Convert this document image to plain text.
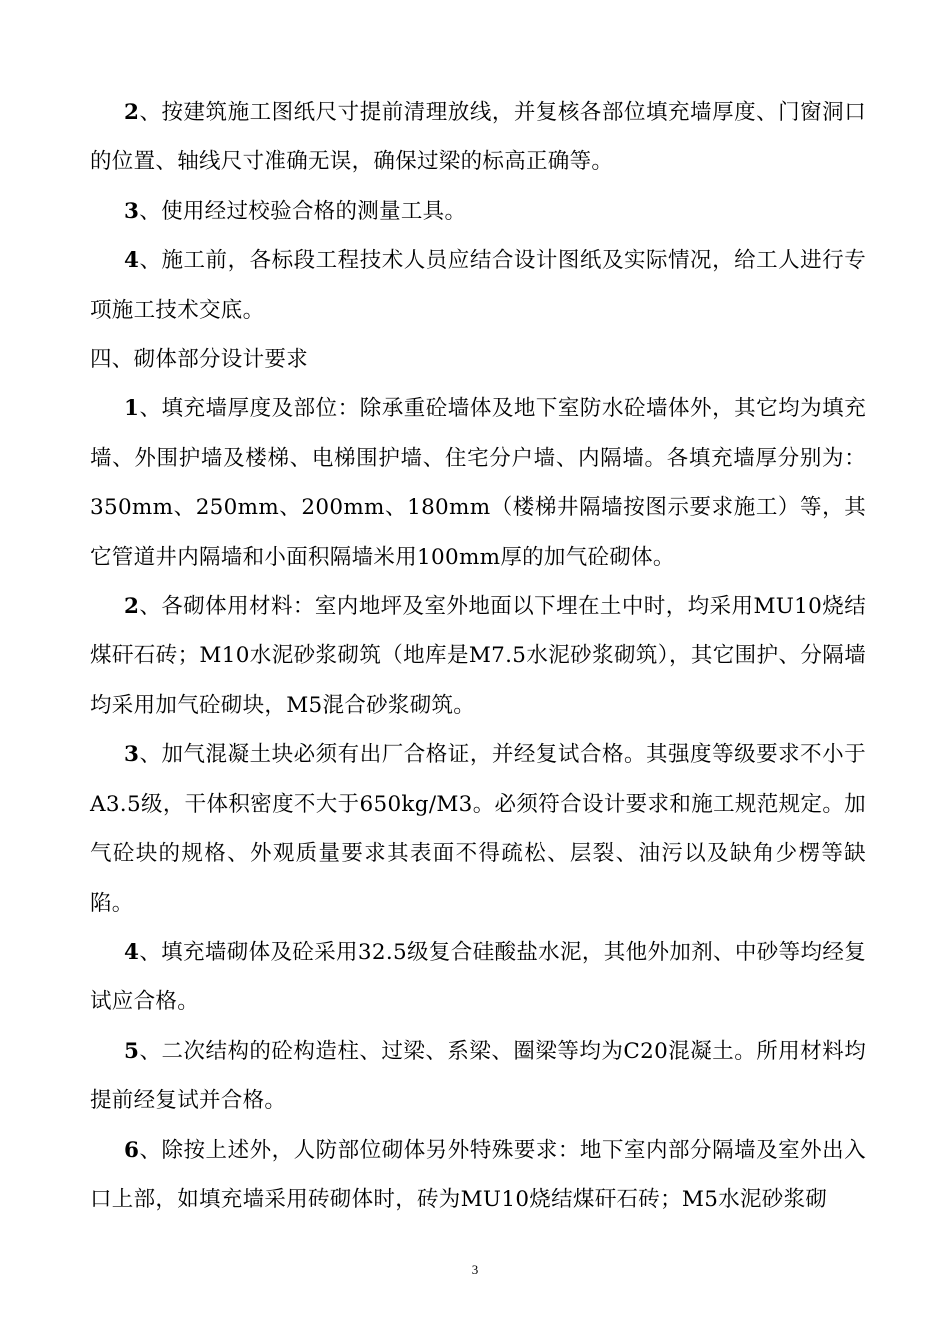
2、按建筑施工图纸尺寸提前清理放线，并复核各部位填充墙厚度、门窗洞口的位置、轴线尺寸准确无误，确保过梁的标高正确等。

3、使用经过校验合格的测量工具。

4、施工前，各标段工程技术人员应结合设计图纸及实际情况，给工人进行专项施工技术交底。

四、砌体部分设计要求

1、填充墙厚度及部位：除承重砼墙体及地下室防水砼墙体外，其它均为填充墙、外围护墙及楼梯、电梯围护墙、住宅分户墙、内隔墙。各填充墙厚分别为：350mm、250mm、200mm、180mm（楼梯井隔墙按图示要求施工）等，其它管道井内隔墙和小面积隔墙米用100mm厚的加气砼砌体。

2、各砌体用材料：室内地坪及室外地面以下埋在土中时，均采用MU10烧结煤矸石砖；M10水泥砂浆砌筑（地库是M7.5水泥砂浆砌筑），其它围护、分隔墙均采用加气砼砌块，M5混合砂浆砌筑。

3、加气混凝土块必须有出厂合格证，并经复试合格。其强度等级要求不小于A3.5级，干体积密度不大于650kg/M3。必须符合设计要求和施工规范规定。加气砼块的规格、外观质量要求其表面不得疏松、层裂、油污以及缺角少楞等缺陷。

4、填充墙砌体及砼采用32.5级复合硅酸盐水泥，其他外加剂、中砂等均经复试应合格。

5、二次结构的砼构造柱、过梁、系梁、圈梁等均为C20混凝土。所用材料均提前经复试并合格。

6、除按上述外，人防部位砌体另外特殊要求：地下室内部分隔墙及室外出入口上部，如填充墙采用砖砌体时，砖为MU10烧结煤矸石砖；M5水泥砂浆砌

3
